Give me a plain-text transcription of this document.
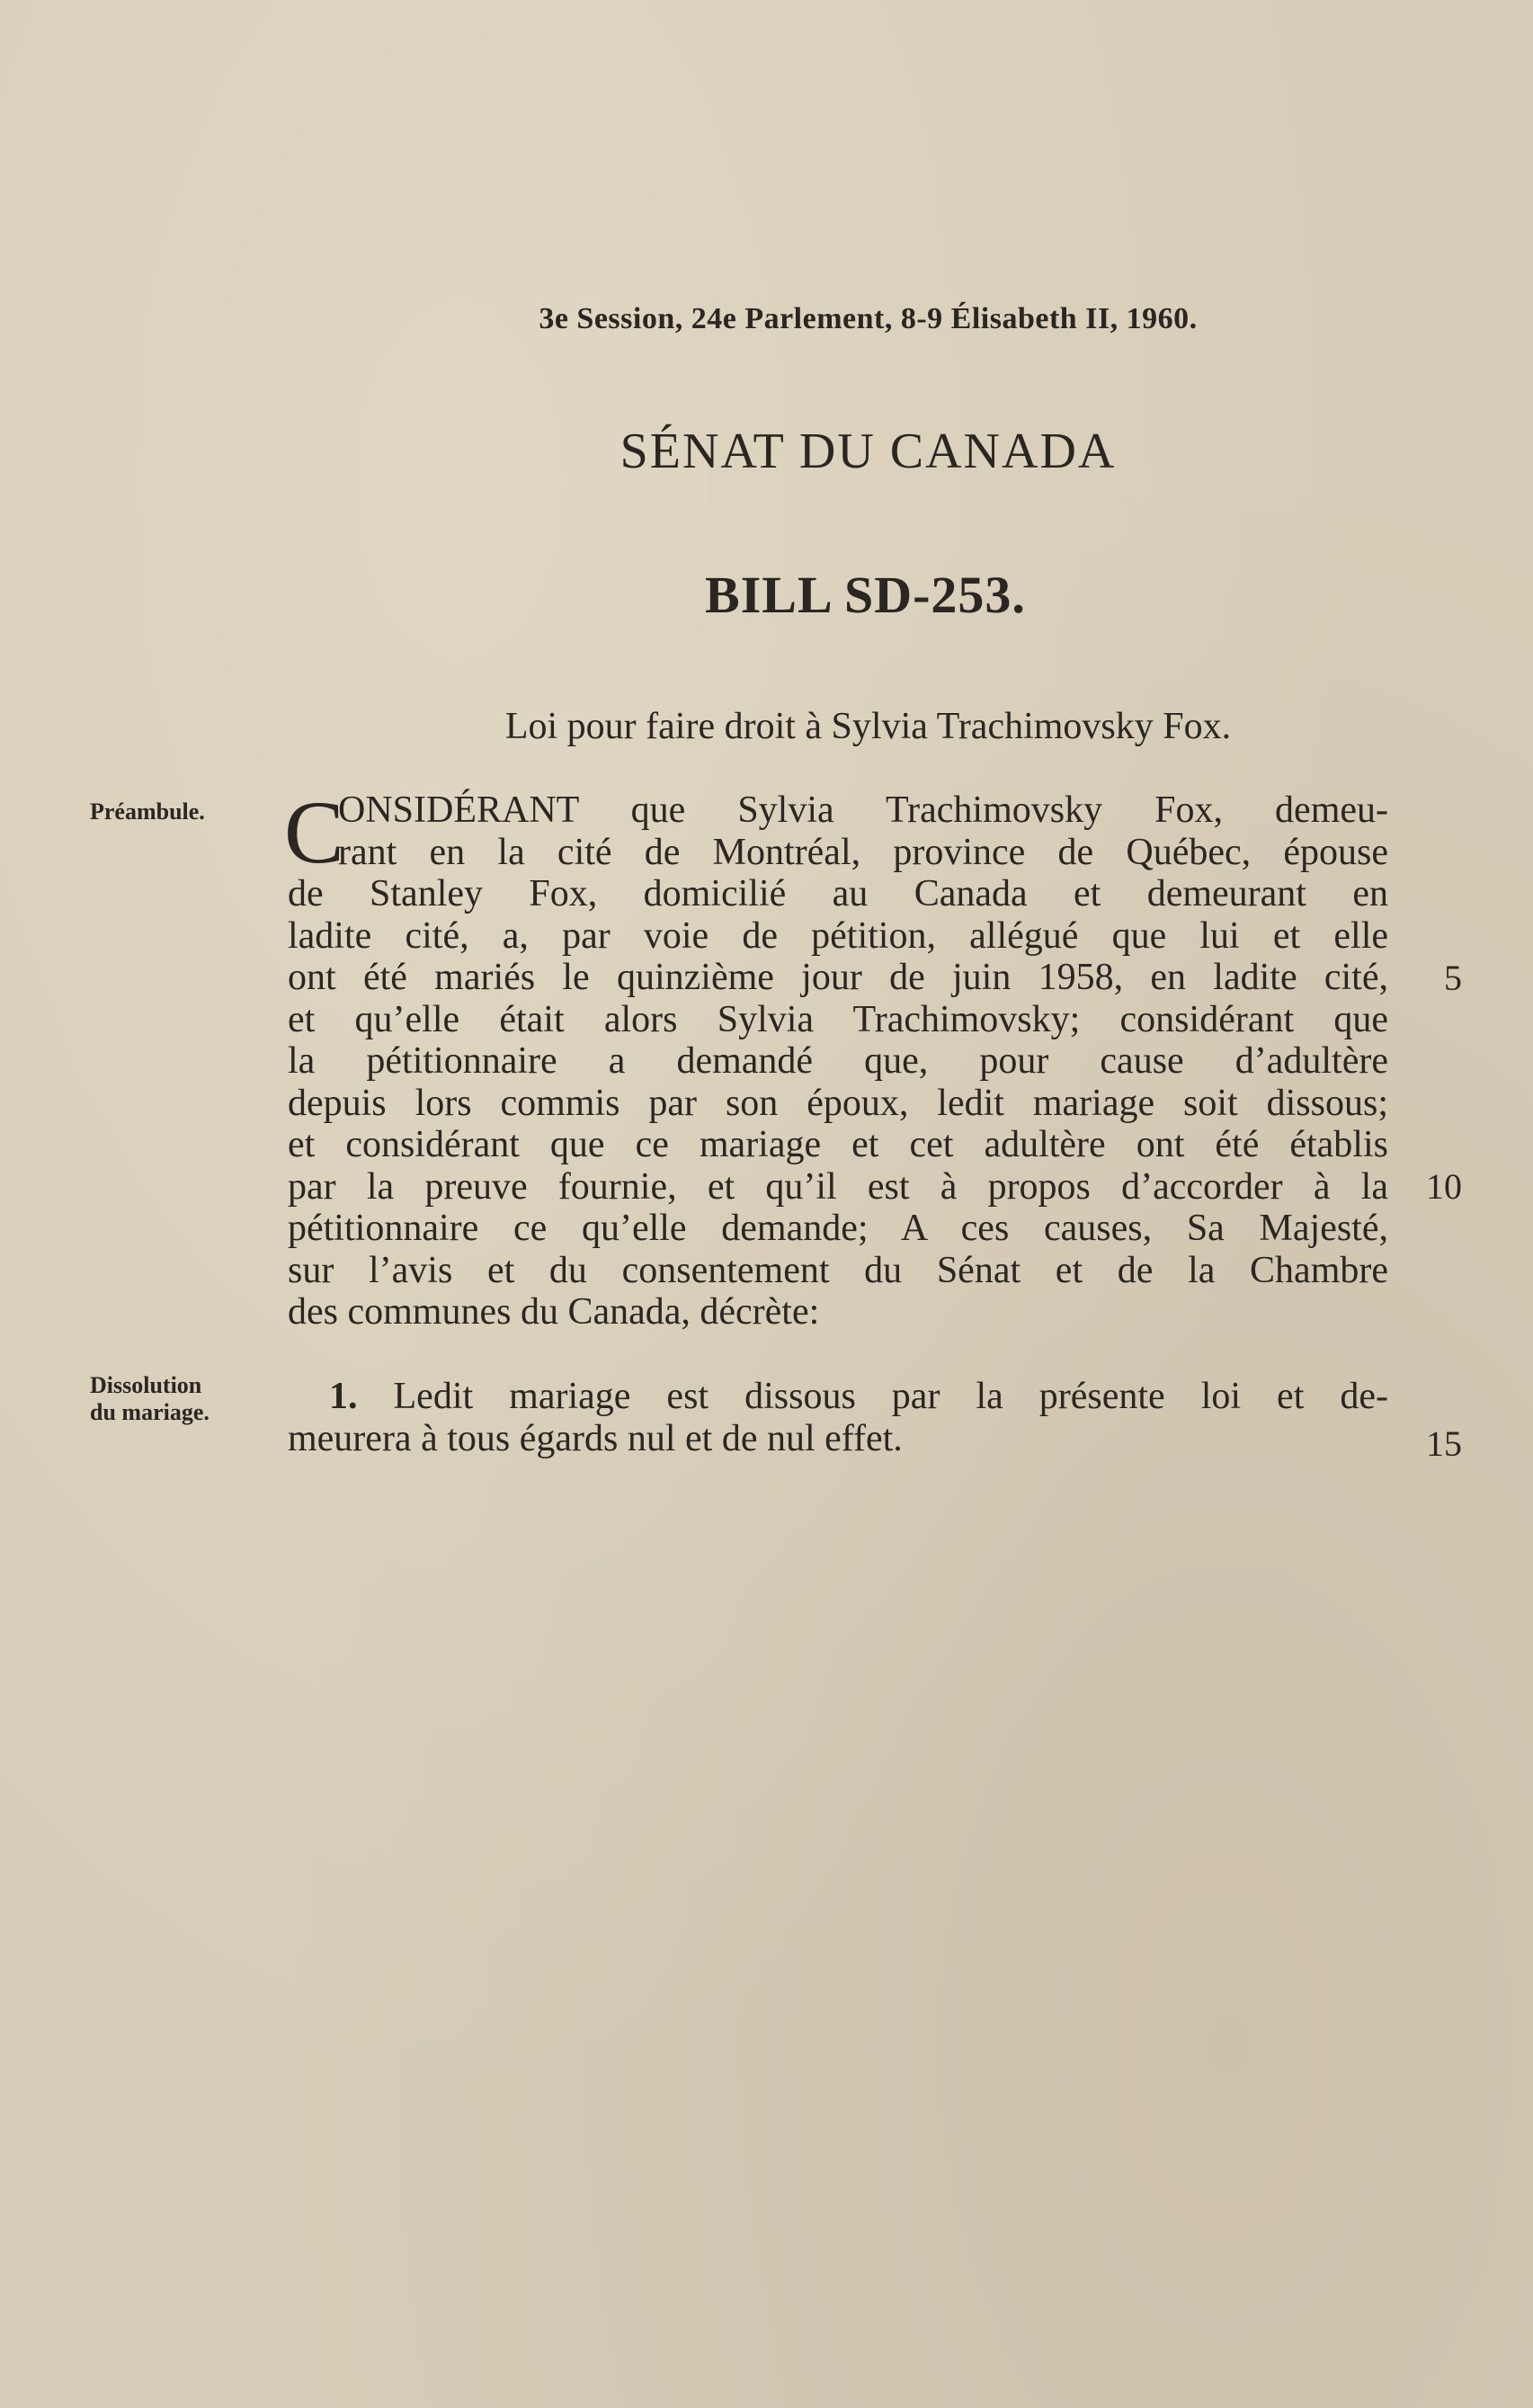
3e Session, 24e Parlement, 8-9 Élisabeth II, 1960.
SÉNAT DU CANADA
BILL SD-253.
Loi pour faire droit à Sylvia Trachimovsky Fox.
Préambule.
Dissolution
du mariage.
C
ONSIDÉRANT que Sylvia Trachimovsky Fox, demeu-
rant en la cité de Montréal, province de Québec, épouse
de Stanley Fox, domicilié au Canada et demeurant en
ladite cité, a, par voie de pétition, allégué que lui et elle
ont été mariés le quinzième jour de juin 1958, en ladite cité,
et qu’elle était alors Sylvia Trachimovsky; considérant que
la pétitionnaire a demandé que, pour cause d’adultère
depuis lors commis par son époux, ledit mariage soit dissous;
et considérant que ce mariage et cet adultère ont été établis
par la preuve fournie, et qu’il est à propos d’accorder à la
pétitionnaire ce qu’elle demande; A ces causes, Sa Majesté,
sur l’avis et du consentement du Sénat et de la Chambre
des communes du Canada, décrète:
1. Ledit mariage est dissous par la présente loi et de-
meurera à tous égards nul et de nul effet.
5
10
15
